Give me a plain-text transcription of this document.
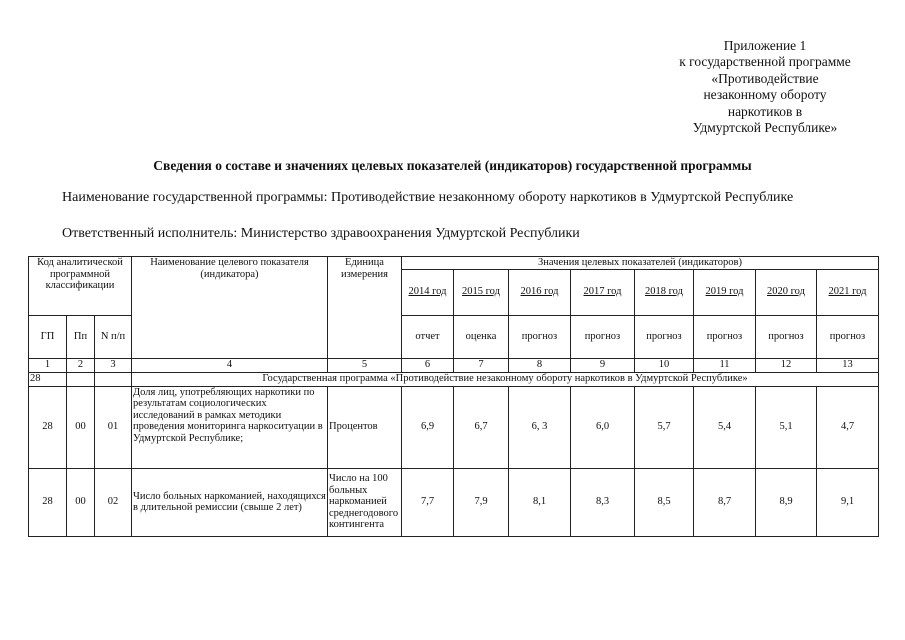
Приложение 1
к государственной программе
«Противодействие
незаконному обороту
наркотиков в
Удмуртской Республике»
Сведения о составе и значениях целевых показателей (индикаторов) государственной программы
Наименование государственной программы: Противодействие незаконному обороту наркотиков в Удмуртской Республике
Ответственный исполнитель: Министерство здравоохранения Удмуртской Республики
Код аналитической программной классификации			Наименование целевого показателя (индикатора)	Единица измерения	Значения целевых показателей (индикаторов)							
					2014 год	2015 год	2016 год	2017 год	2018 год	2019 год	2020 год	2021 год
ГП	Пп	N п/п			отчет	оценка	прогноз	прогноз	прогноз	прогноз	прогноз	прогноз
1	2	3	4	5	6	7	8	9	10	11	12	13
28			Государственная программа «Противодействие незаконному обороту наркотиков в Удмуртской Республике»									
28	00	01	Доля лиц, употребляющих наркотики по результатам социологических исследований в рамках методики проведения мониторинга наркоситуации в Удмуртской Республике;	Процентов	6,9	6,7	6, 3	6,0	5,7	5,4	5,1	4,7
28	00	02	Число больных наркоманией, находящихся в длительной ремиссии (свыше 2 лет)	Число на 100 больных наркоманией среднегодового контингента	7,7	7,9	8,1	8,3	8,5	8,7	8,9	9,1
